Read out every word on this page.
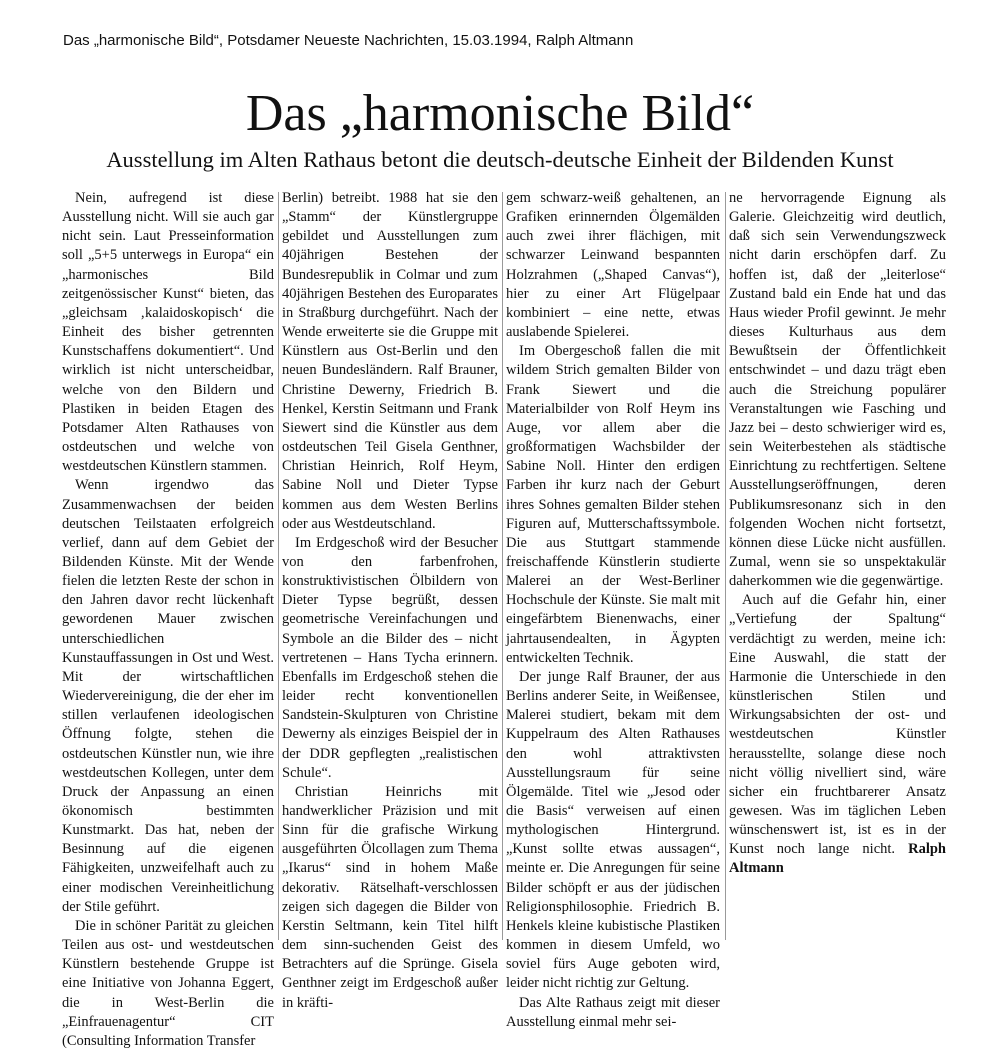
Das „harmonische Bild“, Potsdamer Neueste Nachrichten, 15.03.1994, Ralph Altmann
Das „harmonische Bild“
Ausstellung im Alten Rathaus betont die deutsch-deutsche Einheit der Bildenden Kunst

Nein, aufregend ist diese Ausstellung nicht. Will sie auch gar nicht sein. Laut Presseinformation soll „5+5 unterwegs in Europa“ ein „harmonisches Bild zeitgenössischer Kunst“ bieten, das „gleichsam ‚kalaidoskopisch‘ die Einheit des bisher getrennten Kunstschaffens dokumentiert“. Und wirklich ist nicht unterscheidbar, welche von den Bildern und Plastiken in beiden Etagen des Potsdamer Alten Rathauses von ostdeutschen und welche von westdeutschen Künstlern stammen.

Wenn irgendwo das Zusammenwachsen der beiden deutschen Teilstaaten erfolgreich verlief, dann auf dem Gebiet der Bildenden Künste. Mit der Wende fielen die letzten Reste der schon in den Jahren davor recht lückenhaft gewordenen Mauer zwischen unterschiedlichen Kunstauffassungen in Ost und West. Mit der wirtschaftlichen Wiedervereinigung, die der eher im stillen verlaufenen ideologischen Öffnung folgte, stehen die ostdeutschen Künstler nun, wie ihre westdeutschen Kollegen, unter dem Druck der Anpassung an einen ökonomisch bestimmten Kunstmarkt. Das hat, neben der Besinnung auf die eigenen Fähigkeiten, unzweifelhaft auch zu einer modischen Vereinheitlichung der Stile geführt.

Die in schöner Parität zu gleichen Teilen aus ost- und westdeutschen Künstlern bestehende Gruppe ist eine Initiative von Johanna Eggert, die in West-Berlin die „Einfrauenagentur“ CIT (Consulting Information Transfer

Berlin) betreibt. 1988 hat sie den „Stamm“ der Künstlergruppe gebildet und Ausstellungen zum 40jährigen Bestehen der Bundesrepublik in Colmar und zum 40jährigen Bestehen des Europarates in Straßburg durchgeführt. Nach der Wende erweiterte sie die Gruppe mit Künstlern aus Ost-Berlin und den neuen Bundesländern. Ralf Brauner, Christine Dewerny, Friedrich B. Henkel, Kerstin Seitmann und Frank Siewert sind die Künstler aus dem ostdeutschen Teil Gisela Genthner, Christian Heinrich, Rolf Heym, Sabine Noll und Dieter Typse kommen aus dem Westen Berlins oder aus Westdeutschland.

Im Erdgeschoß wird der Besucher von den farbenfrohen, konstruktivistischen Ölbildern von Dieter Typse begrüßt, dessen geometrische Vereinfachungen und Symbole an die Bilder des – nicht vertretenen – Hans Tycha erinnern. Ebenfalls im Erdgeschoß stehen die leider recht konventionellen Sandstein-Skulpturen von Christine Dewerny als einziges Beispiel der in der DDR gepflegten „realistischen Schule“.

Christian Heinrichs mit handwerklicher Präzision und mit Sinn für die grafische Wirkung ausgeführten Ölcollagen zum Thema „Ikarus“ sind in hohem Maße dekorativ. Rätselhaft-verschlossen zeigen sich dagegen die Bilder von Kerstin Seltmann, kein Titel hilft dem sinn-suchenden Geist des Betrachters auf die Sprünge. Gisela Genthner zeigt im Erdgeschoß außer in kräfti-

gem schwarz-weiß gehaltenen, an Grafiken erinnernden Ölgemälden auch zwei ihrer flächigen, mit schwarzer Leinwand bespannten Holzrahmen („Shaped Canvas“), hier zu einer Art Flügelpaar kombiniert – eine nette, etwas auslabende Spielerei.

Im Obergeschoß fallen die mit wildem Strich gemalten Bilder von Frank Siewert und die Materialbilder von Rolf Heym ins Auge, vor allem aber die großformatigen Wachsbilder der Sabine Noll. Hinter den erdigen Farben ihr kurz nach der Geburt ihres Sohnes gemalten Bilder stehen Figuren auf, Mutterschaftssymbole. Die aus Stuttgart stammende freischaffende Künstlerin studierte Malerei an der West-Berliner Hochschule der Künste. Sie malt mit eingefärbtem Bienenwachs, einer jahrtausendealten, in Ägypten entwickelten Technik.

Der junge Ralf Brauner, der aus Berlins anderer Seite, in Weißensee, Malerei studiert, bekam mit dem Kuppelraum des Alten Rathauses den wohl attraktivsten Ausstellungsraum für seine Ölgemälde. Titel wie „Jesod oder die Basis“ verweisen auf einen mythologischen Hintergrund. „Kunst sollte etwas aussagen“, meinte er. Die Anregungen für seine Bilder schöpft er aus der jüdischen Religionsphilosophie. Friedrich B. Henkels kleine kubistische Plastiken kommen in diesem Umfeld, wo soviel fürs Auge geboten wird, leider nicht richtig zur Geltung.

Das Alte Rathaus zeigt mit dieser Ausstellung einmal mehr sei-

ne hervorragende Eignung als Galerie. Gleichzeitig wird deutlich, daß sich sein Verwendungszweck nicht darin erschöpfen darf. Zu hoffen ist, daß der „leiterlose“ Zustand bald ein Ende hat und das Haus wieder Profil gewinnt. Je mehr dieses Kulturhaus aus dem Bewußtsein der Öffentlichkeit entschwindet – und dazu trägt eben auch die Streichung populärer Veranstaltungen wie Fasching und Jazz bei – desto schwieriger wird es, sein Weiterbestehen als städtische Einrichtung zu rechtfertigen. Seltene Ausstellungseröffnungen, deren Publikumsresonanz sich in den folgenden Wochen nicht fortsetzt, können diese Lücke nicht ausfüllen. Zumal, wenn sie so unspektakulär daherkommen wie die gegenwärtige.

Auch auf die Gefahr hin, einer „Vertiefung der Spaltung“ verdächtigt zu werden, meine ich: Eine Auswahl, die statt der Harmonie die Unterschiede in den künstlerischen Stilen und Wirkungsabsichten der ost- und westdeutschen Künstler herausstellte, solange diese noch nicht völlig nivelliert sind, wäre sicher ein fruchtbarerer Ansatz gewesen. Was im täglichen Leben wünschenswert ist, ist es in der Kunst noch lange nicht. Ralph Altmann
